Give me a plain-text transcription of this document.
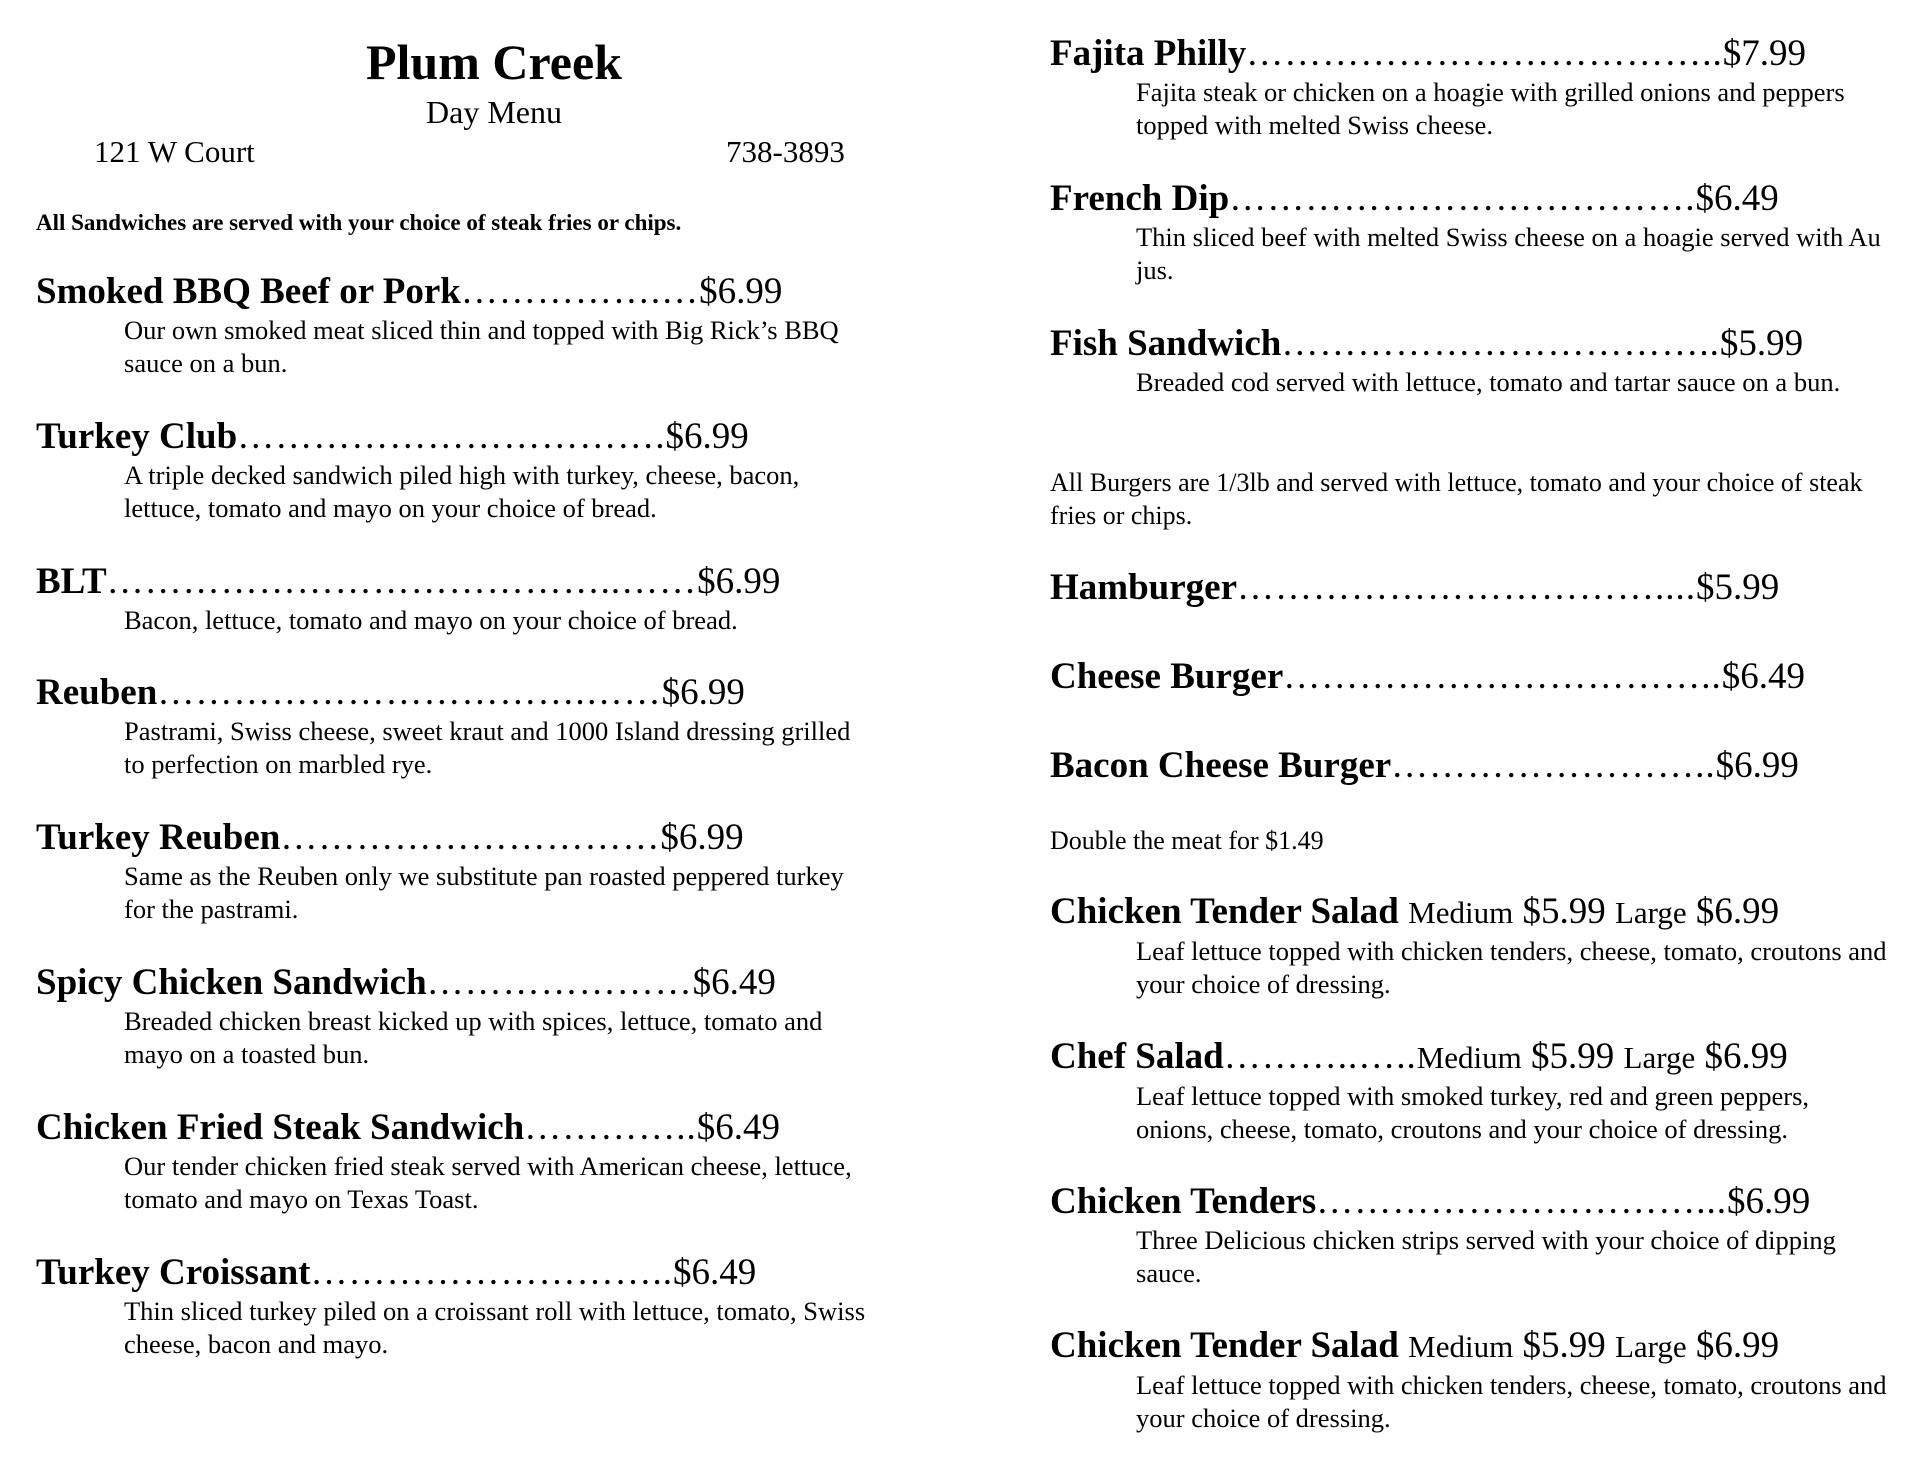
Plum Creek
Day Menu
121 W Court	738-3893
All Sandwiches are served with your choice of steak fries or chips.
Smoked BBQ Beef or Pork…………….…$6.99
Our own smoked meat sliced thin and topped with Big Rick’s BBQ sauce on a bun.
Turkey Club…………………………….$6.99
A triple decked sandwich piled high with turkey, cheese, bacon, lettuce, tomato and mayo on your choice of bread.
BLT…………………………………..……$6.99
Bacon, lettuce, tomato and mayo on your choice of bread.
Reuben…………………………….……$6.99
Pastrami, Swiss cheese, sweet kraut and 1000 Island dressing grilled to perfection on marbled rye.
Turkey Reuben…………………………$6.99
Same as the Reuben only we substitute pan roasted peppered turkey for the pastrami.
Spicy Chicken Sandwich…………………$6.49
Breaded chicken breast kicked up with spices, lettuce, tomato and mayo on a toasted bun.
Chicken Fried Steak Sandwich…………..$6.49
Our tender chicken fried steak served with American cheese, lettuce, tomato and mayo on Texas Toast.
Turkey Croissant………………………..$6.49
Thin sliced turkey piled on a croissant roll with lettuce, tomato, Swiss cheese, bacon and mayo.
Fajita Philly………………………………..$7.99
Fajita steak or chicken on a hoagie with grilled onions and peppers topped with melted Swiss cheese.
French Dip……………………………….$6.49
Thin sliced beef with melted Swiss cheese on a hoagie served with Au jus.
Fish Sandwich……………………………..$5.99
Breaded cod served with lettuce, tomato and tartar sauce on a bun.
All Burgers are 1/3lb and served with lettuce, tomato and your choice of steak fries or chips.
Hamburger……………………………....$5.99
Cheese Burger……………………………..$6.49
Bacon Cheese Burger……………………..$6.99
Double the meat for $1.49
Chicken Tender Salad Medium $5.99 Large $6.99
Leaf lettuce topped with chicken tenders, cheese, tomato, croutons and your choice of dressing.
Chef Salad………..…..Medium $5.99 Large $6.99
Leaf lettuce topped with smoked turkey, red and green peppers, onions, cheese, tomato, croutons and your choice of dressing.
Chicken Tenders…………………………...$6.99
Three Delicious chicken strips served with your choice of dipping sauce.
Chicken Tender Salad Medium $5.99 Large $6.99
Leaf lettuce topped with chicken tenders, cheese, tomato, croutons and your choice of dressing.
